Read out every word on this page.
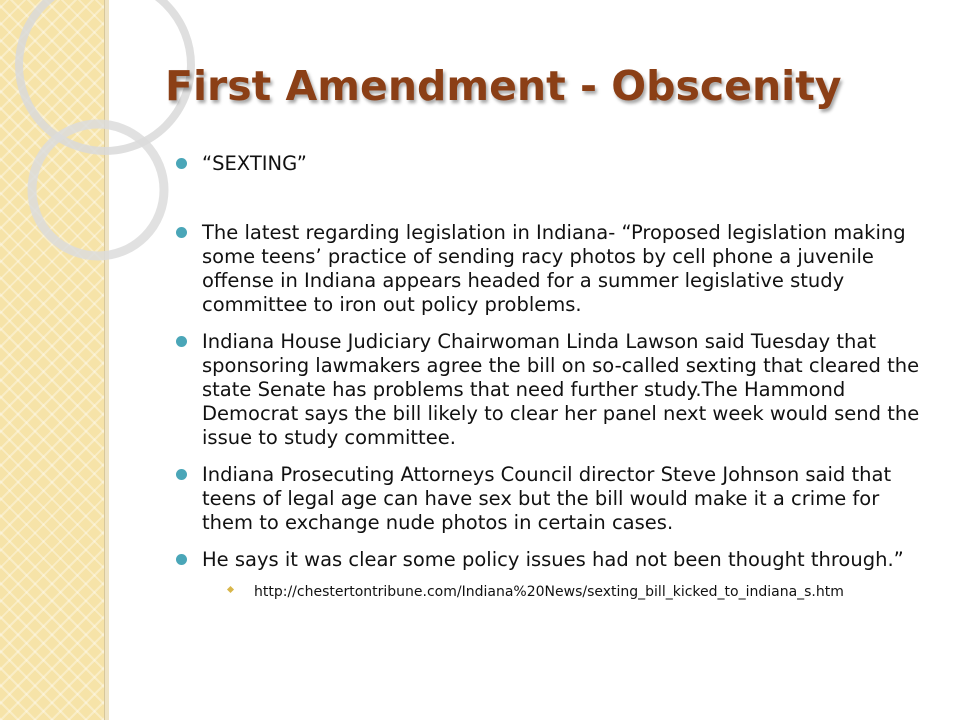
First Amendment - Obscenity
“SEXTING”
The latest regarding legislation in Indiana- “Proposed legislation making some teens’ practice of sending racy photos by cell phone a juvenile offense in Indiana appears headed for a summer legislative study committee to iron out policy problems.
Indiana House Judiciary Chairwoman Linda Lawson said Tuesday that sponsoring lawmakers agree the bill on so-called sexting that cleared the state Senate has problems that need further study.The Hammond Democrat says the bill likely to clear her panel next week would send the issue to study committee.
Indiana Prosecuting Attorneys Council director Steve Johnson said that teens of legal age can have sex but the bill would make it a crime for them to exchange nude photos in certain cases.
He says it was clear some policy issues had not been thought through.”
http://chestertontribune.com/Indiana%20News/sexting_bill_kicked_to_indiana_s.htm
